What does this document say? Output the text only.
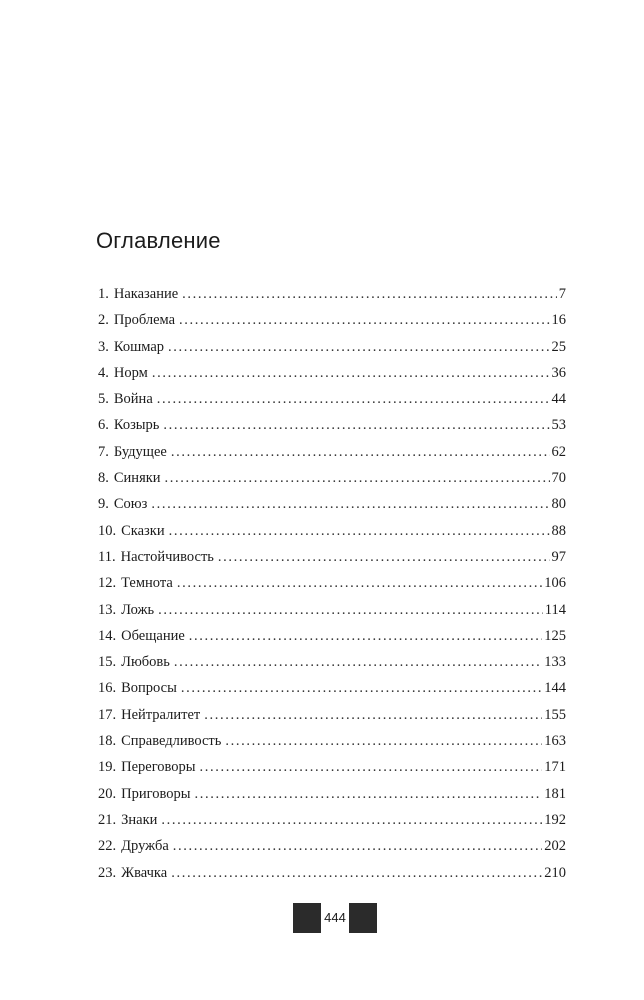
Оглавление
1. Наказание . . .	7
2. Проблема . . .	16
3. Кошмар . . .	25
4. Норм . . .	36
5. Война . . .	44
6. Козырь . . .	53
7. Будущее . . .	62
8. Синяки . . .	70
9. Союз . . .	80
10. Сказки . . .	88
11. Настойчивость . . .	97
12. Темнота . . .	106
13. Ложь . . .	114
14. Обещание . . .	125
15. Любовь . . .	133
16. Вопросы . . .	144
17. Нейтралитет . . .	155
18. Справедливость . . .	163
19. Переговоры . . .	171
20. Приговоры . . .	181
21. Знаки . . .	192
22. Дружба . . .	202
23. Жвачка . . .	210
444
